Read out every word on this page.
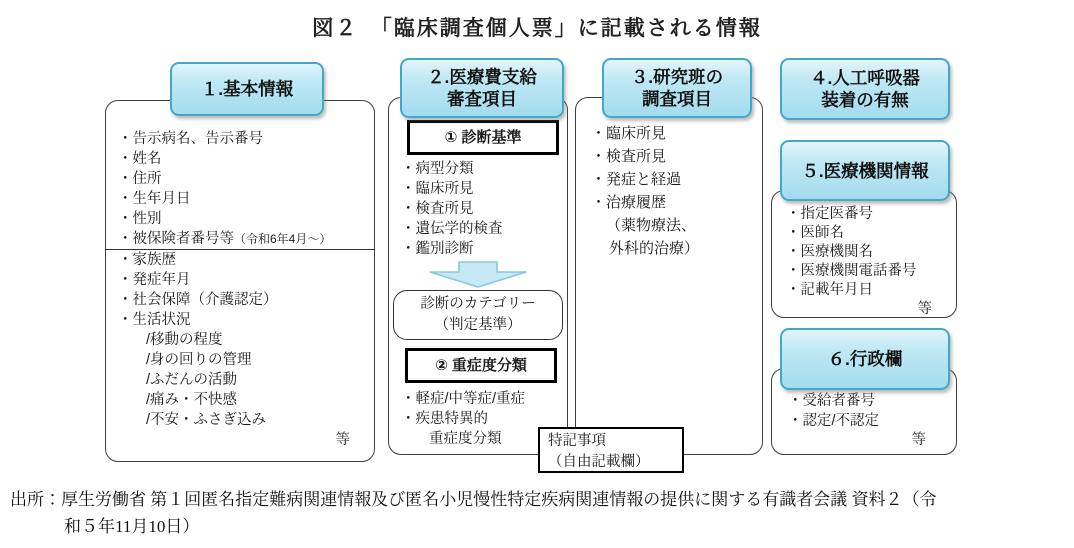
図２　「臨床調査個人票」に記載される情報
１.基本情報
・告示病名、告示番号
・姓名
・住所
・生年月日
・性別
・被保険者番号等（令和6年4月～）
・家族歴
・発症年月
・社会保障（介護認定）
・生活状況
/移動の程度
/身の回りの管理
/ふだんの活動
/痛み・不快感
/不安・ふさぎ込み
等
２.医療費支給
審査項目
① 診断基準
・病型分類
・臨床所見
・検査所見
・遺伝学的検査
・鑑別診断
診断のカテゴリー
（判定基準）
② 重症度分類
・軽症/中等症/重症
・疾患特異的
重症度分類
３.研究班の
調査項目
・臨床所見
・検査所見
・発症と経過
・治療履歴
（薬物療法、
外科的治療）
４.人工呼吸器
装着の有無
５.医療機関情報
・指定医番号
・医師名
・医療機関名
・医療機関電話番号
・記載年月日
等
６.行政欄
・受給者番号
・認定/不認定
等
特記事項
（自由記載欄）
出所：厚生労働省 第１回匿名指定難病関連情報及び匿名小児慢性特定疾病関連情報の提供に関する有識者会議 資料２（令
和５年11月10日）
